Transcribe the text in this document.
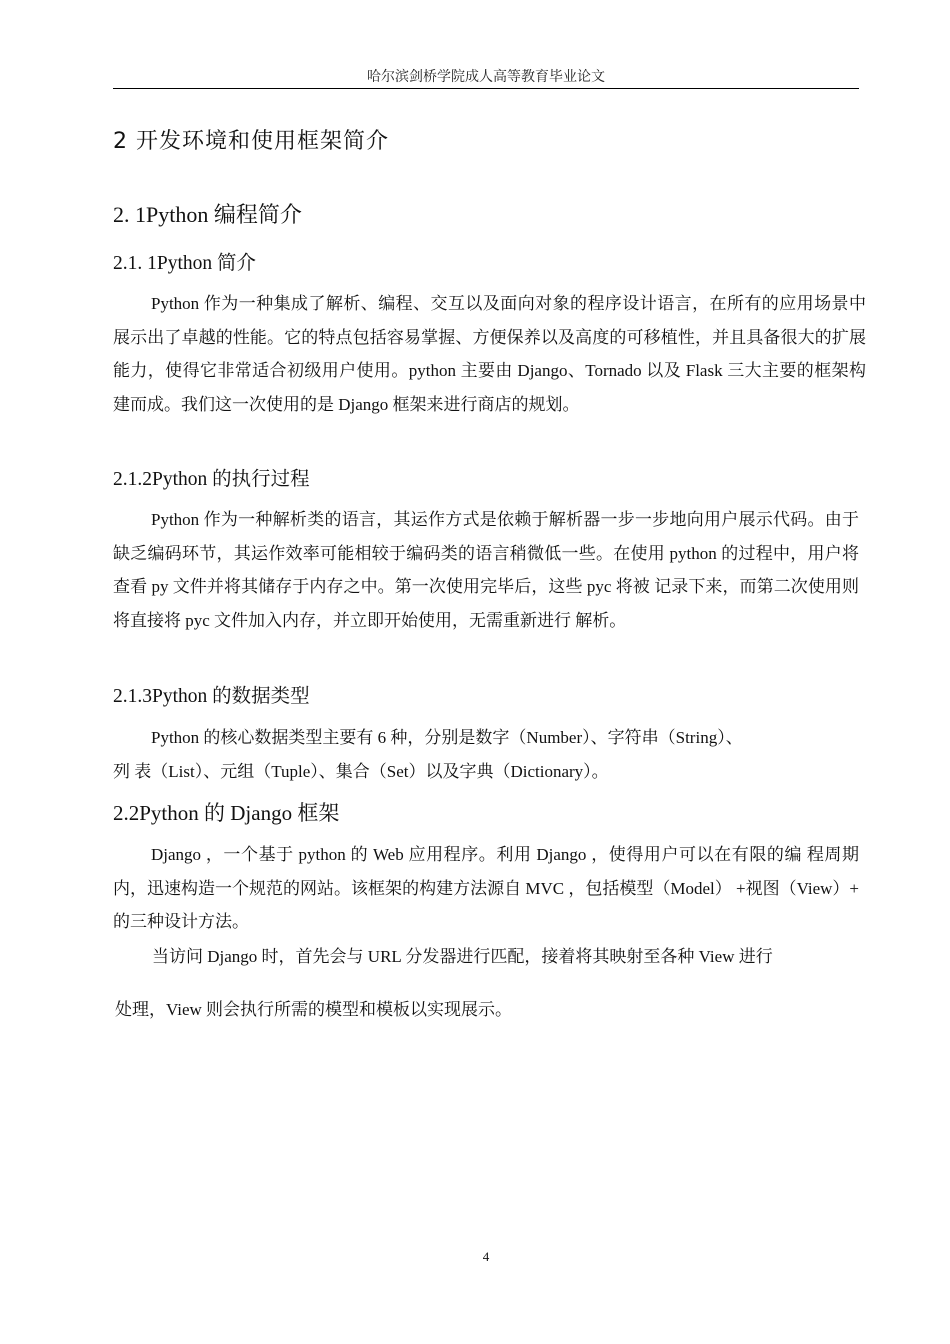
哈尔滨剑桥学院成人高等教育毕业论文
2 开发环境和使用框架简介
2. 1Python 编程简介
2.1. 1Python 简介

Python 作为一种集成了解析、编程、交互以及面向对象的程序设计语言，在所有的应用场景中展示出了卓越的性能。它的特点包括容易掌握、方便保养以及高度的可移植性，并且具备很大的扩展能力，使得它非常适合初级用户使用。python 主要由 Django、Tornado 以及 Flask 三大主要的框架构建而成。我们这一次使用的是 Django 框架来进行商店的规划。

2.1.2Python 的执行过程

Python 作为一种解析类的语言，其运作方式是依赖于解析器一步一步地向用户展示代码。由于缺乏编码环节，其运作效率可能相较于编码类的语言稍微低一些。在使用 python 的过程中，用户将查看 py 文件并将其储存于内存之中。第一次使用完毕后，这些 pyc 将被 记录下来，而第二次使用则将直接将 pyc 文件加入内存，并立即开始使用，无需重新进行 解析。

2.1.3Python 的数据类型

Python 的核心数据类型主要有 6 种，分别是数字（Number）、字符串（String）、

列 表（List）、元组（Tuple）、集合（Set）以及字典（Dictionary）。

2.2Python 的 Django 框架

Django ，一个基于 python 的 Web 应用程序。利用 Django ，使得用户可以在有限的编 程周期内，迅速构造一个规范的网站。该框架的构建方法源自 MVC ，包括模型（Model） +视图（View）+ 的三种设计方法。

当访问 Django 时，首先会与 URL 分发器进行匹配，接着将其映射至各种 View 进行
处理，View 则会执行所需的模型和模板以实现展示。
4
